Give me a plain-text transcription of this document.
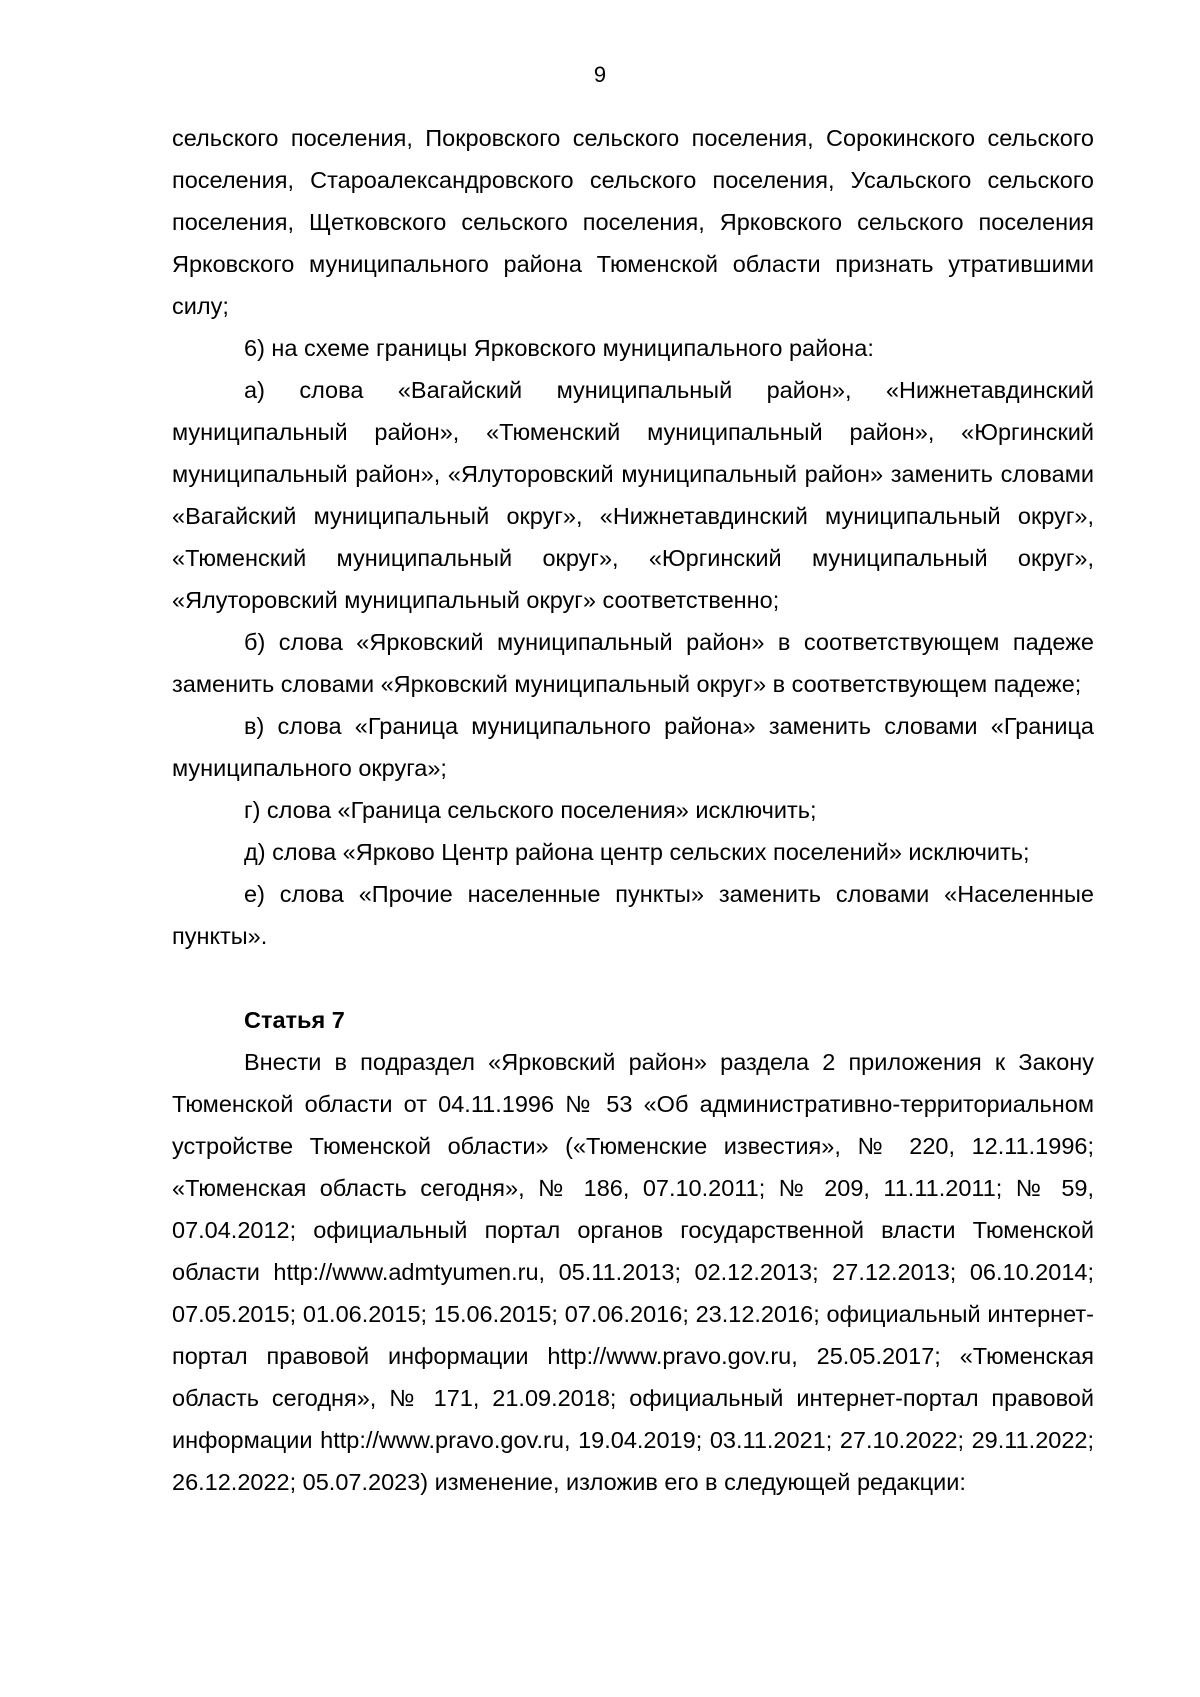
9

сельского поселения, Покровского сельского поселения, Сорокинского сельского поселения, Староалександровского сельского поселения, Усальского сельского поселения, Щетковского сельского поселения, Ярковского сельского поселения Ярковского муниципального района Тюменской области признать утратившими силу;

6) на схеме границы Ярковского муниципального района:

а) слова «Вагайский муниципальный район», «Нижнетавдинский муниципальный район», «Тюменский муниципальный район», «Юргинский муниципальный район», «Ялуторовский муниципальный район» заменить словами «Вагайский муниципальный округ», «Нижнетавдинский муниципальный округ», «Тюменский муниципальный округ», «Юргинский муниципальный округ», «Ялуторовский муниципальный округ» соответственно;

б) слова «Ярковский муниципальный район» в соответствующем падеже заменить словами «Ярковский муниципальный округ» в соответствующем падеже;

в) слова «Граница муниципального района» заменить словами «Граница муниципального округа»;

г) слова «Граница сельского поселения» исключить;

д) слова «Ярково Центр района центр сельских поселений» исключить;

е) слова «Прочие населенные пункты» заменить словами «Населенные пункты».

Статья 7

Внести в подраздел «Ярковский район» раздела 2 приложения к Закону Тюменской области от 04.11.1996 № 53 «Об административно-территориальном устройстве Тюменской области» («Тюменские известия», № 220, 12.11.1996; «Тюменская область сегодня», № 186, 07.10.2011; № 209, 11.11.2011; № 59, 07.04.2012; официальный портал органов государственной власти Тюменской области http://www.admtyumen.ru, 05.11.2013; 02.12.2013; 27.12.2013; 06.10.2014; 07.05.2015; 01.06.2015; 15.06.2015; 07.06.2016; 23.12.2016; официальный интернет-портал правовой информации http://www.pravo.gov.ru, 25.05.2017; «Тюменская область сегодня», № 171, 21.09.2018; официальный интернет-портал правовой информации http://www.pravo.gov.ru, 19.04.2019; 03.11.2021; 27.10.2022; 29.11.2022; 26.12.2022; 05.07.2023) изменение, изложив его в следующей редакции:
